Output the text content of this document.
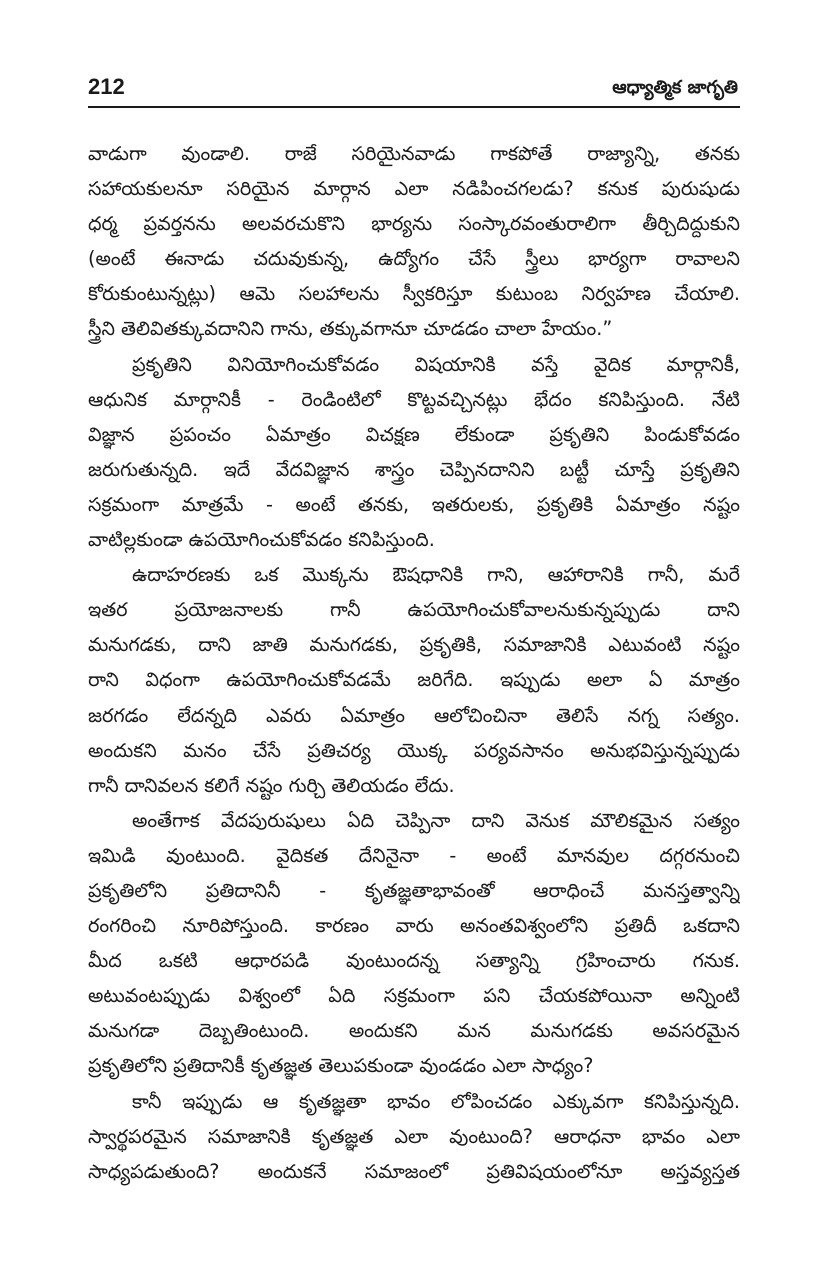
212	ఆధ్యాత్మిక జాగృతి
వాడుగా వుండాలి. రాజే సరియైనవాడు గాకపోతే రాజ్యాన్ని, తనకు
సహాయకులనూ సరియైన మార్గాన ఎలా నడిపించగలడు? కనుక పురుషుడు
ధర్మ ప్రవర్తనను అలవరచుకొని భార్యను సంస్కారవంతురాలిగా తీర్చిదిద్దుకుని
(అంటే ఈనాడు చదువుకున్న, ఉద్యోగం చేసే స్త్రీలు భార్యగా రావాలని
కోరుకుంటున్నట్లు) ఆమె సలహాలను స్వీకరిస్తూ కుటుంబ నిర్వహణ చేయాలి.
స్త్రీని తెలివితక్కువదానిని గాను, తక్కువగానూ చూడడం చాలా హేయం.”
ప్రకృతిని వినియోగించుకోవడం విషయానికి వస్తే వైదిక మార్గానికీ,
ఆధునిక మార్గానికీ - రెండింటిలో కొట్టవచ్చినట్లు భేదం కనిపిస్తుంది. నేటి
విజ్ఞాన ప్రపంచం ఏమాత్రం విచక్షణ లేకుండా ప్రకృతిని పిండుకోవడం
జరుగుతున్నది. ఇదే వేదవిజ్ఞాన శాస్త్రం చెప్పినదానిని బట్టీ చూస్తే ప్రకృతిని
సక్రమంగా మాత్రమే - అంటే తనకు, ఇతరులకు, ప్రకృతికి ఏమాత్రం నష్టం
వాటిల్లకుండా ఉపయోగించుకోవడం కనిపిస్తుంది.
ఉదాహరణకు ఒక మొక్కను ఔషధానికి గాని, ఆహారానికి గానీ, మరే
ఇతర ప్రయోజనాలకు గానీ ఉపయోగించుకోవాలనుకున్నప్పుడు దాని
మనుగడకు, దాని జాతి మనుగడకు, ప్రకృతికి, సమాజానికి ఎటువంటి నష్టం
రాని విధంగా ఉపయోగించుకోవడమే జరిగేది. ఇప్పుడు అలా ఏ మాత్రం
జరగడం లేదన్నది ఎవరు ఏమాత్రం ఆలోచించినా తెలిసే నగ్న సత్యం.
అందుకని మనం చేసే ప్రతిచర్య యొక్క పర్యవసానం అనుభవిస్తున్నప్పుడు
గానీ దానివలన కలిగే నష్టం గుర్చి తెలియడం లేదు.
అంతేగాక వేదపురుషులు ఏది చెప్పినా దాని వెనుక మౌలికమైన సత్యం
ఇమిడి వుంటుంది. వైదికత దేనినైనా - అంటే మానవుల దగ్గరనుంచి
ప్రకృతిలోని ప్రతిదానినీ - కృతజ్ఞతాభావంతో ఆరాధించే మనస్తత్వాన్ని
రంగరించి నూరిపోస్తుంది. కారణం వారు అనంతవిశ్వంలోని ప్రతిదీ ఒకదాని
మీద ఒకటి ఆధారపడి వుంటుందన్న సత్యాన్ని గ్రహించారు గనుక.
అటువంటప్పుడు విశ్వంలో ఏది సక్రమంగా పని చేయకపోయినా అన్నింటి
మనుగడా దెబ్బతింటుంది. అందుకని మన మనుగడకు అవసరమైన
ప్రకృతిలోని ప్రతిదానికీ కృతజ్ఞత తెలుపకుండా వుండడం ఎలా సాధ్యం?
కానీ ఇప్పుడు ఆ కృతజ్ఞతా భావం లోపించడం ఎక్కువగా కనిపిస్తున్నది.
స్వార్థపరమైన సమాజానికి కృతజ్ఞత ఎలా వుంటుంది? ఆరాధనా భావం ఎలా
సాధ్యపడుతుంది? అందుకనే సమాజంలో ప్రతివిషయంలోనూ అస్తవ్యస్తత
